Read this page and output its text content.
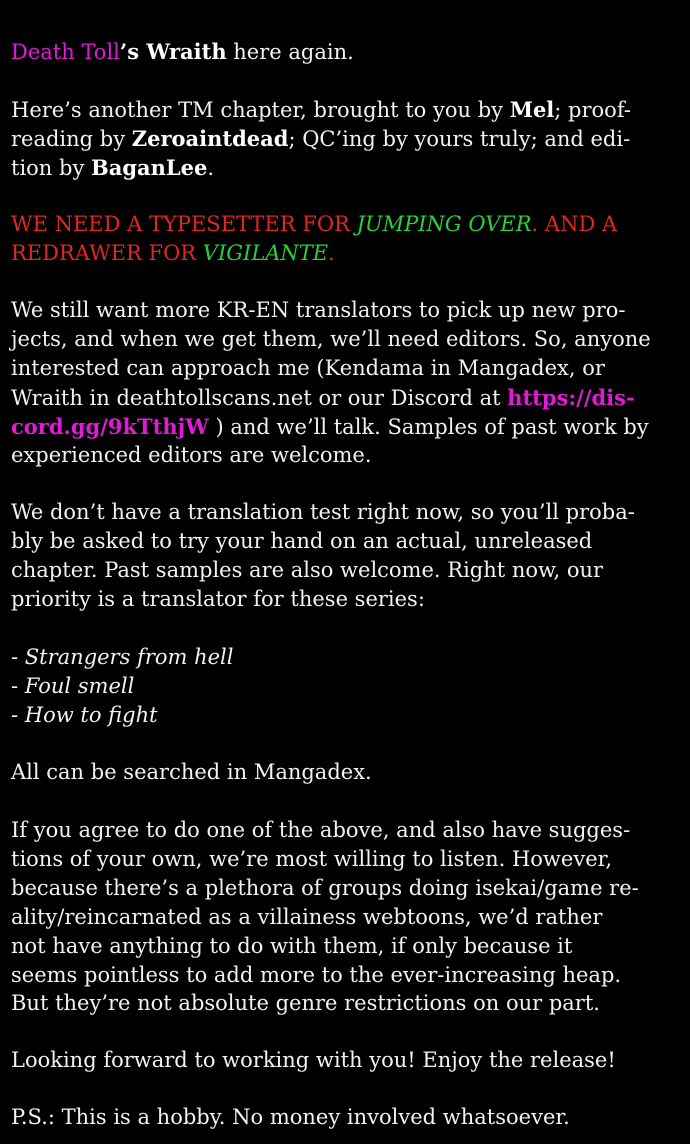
Death Toll’s Wraith here again.
Here’s another TM chapter, brought to you by Mel; proof-
reading by Zeroaintdead; QC’ing by yours truly; and edi-
tion by BaganLee.
WE NEED A TYPESETTER FOR JUMPING OVER. AND A
REDRAWER FOR VIGILANTE.
We still want more KR-EN translators to pick up new pro-
jects, and when we get them, we’ll need editors. So, anyone
interested can approach me (Kendama in Mangadex, or
Wraith in deathtollscans.net or our Discord at https://dis-
cord.gg/9kTthjW ) and we’ll talk. Samples of past work by
experienced editors are welcome.
We don’t have a translation test right now, so you’ll proba-
bly be asked to try your hand on an actual, unreleased
chapter. Past samples are also welcome. Right now, our
priority is a translator for these series:
- Strangers from hell
- Foul smell
- How to fight
All can be searched in Mangadex.
If you agree to do one of the above, and also have sugges-
tions of your own, we’re most willing to listen. However,
because there’s a plethora of groups doing isekai/game re-
ality/reincarnated as a villainess webtoons, we’d rather
not have anything to do with them, if only because it
seems pointless to add more to the ever-increasing heap.
But they’re not absolute genre restrictions on our part.
Looking forward to working with you! Enjoy the release!
P.S.: This is a hobby. No money involved whatsoever.
